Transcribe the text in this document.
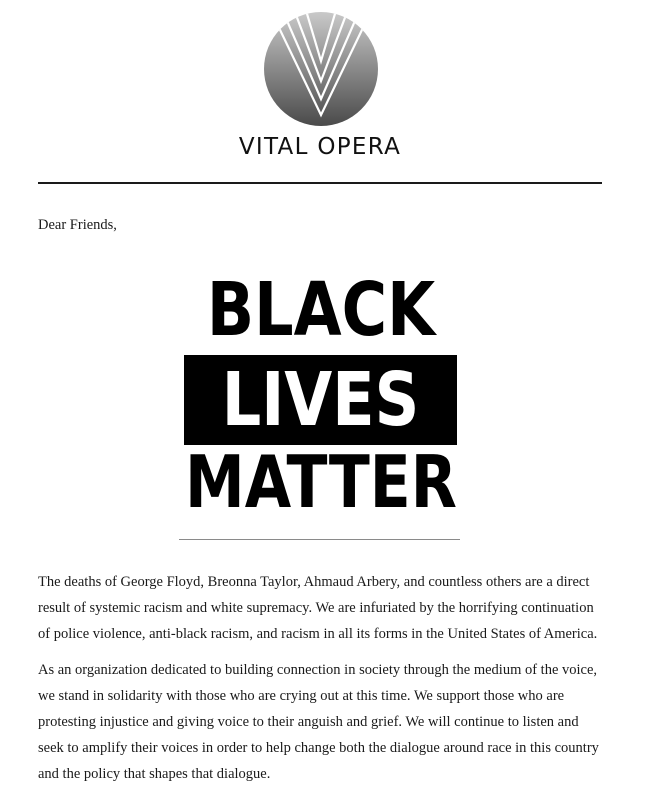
VITAL OPERA
Dear Friends,
BLACK
LIVES
MATTER

The deaths of George Floyd, Breonna Taylor, Ahmaud Arbery, and countless others are a direct result of systemic racism and white supremacy. We are infuriated by the horrifying continuation of police violence, anti-black racism, and racism in all its forms in the United States of America.

As an organization dedicated to building connection in society through the medium of the voice, we stand in solidarity with those who are crying out at this time. We support those who are protesting injustice and giving voice to their anguish and grief. We will continue to listen and seek to amplify their voices in order to help change both the dialogue around race in this country and the policy that shapes that dialogue.
